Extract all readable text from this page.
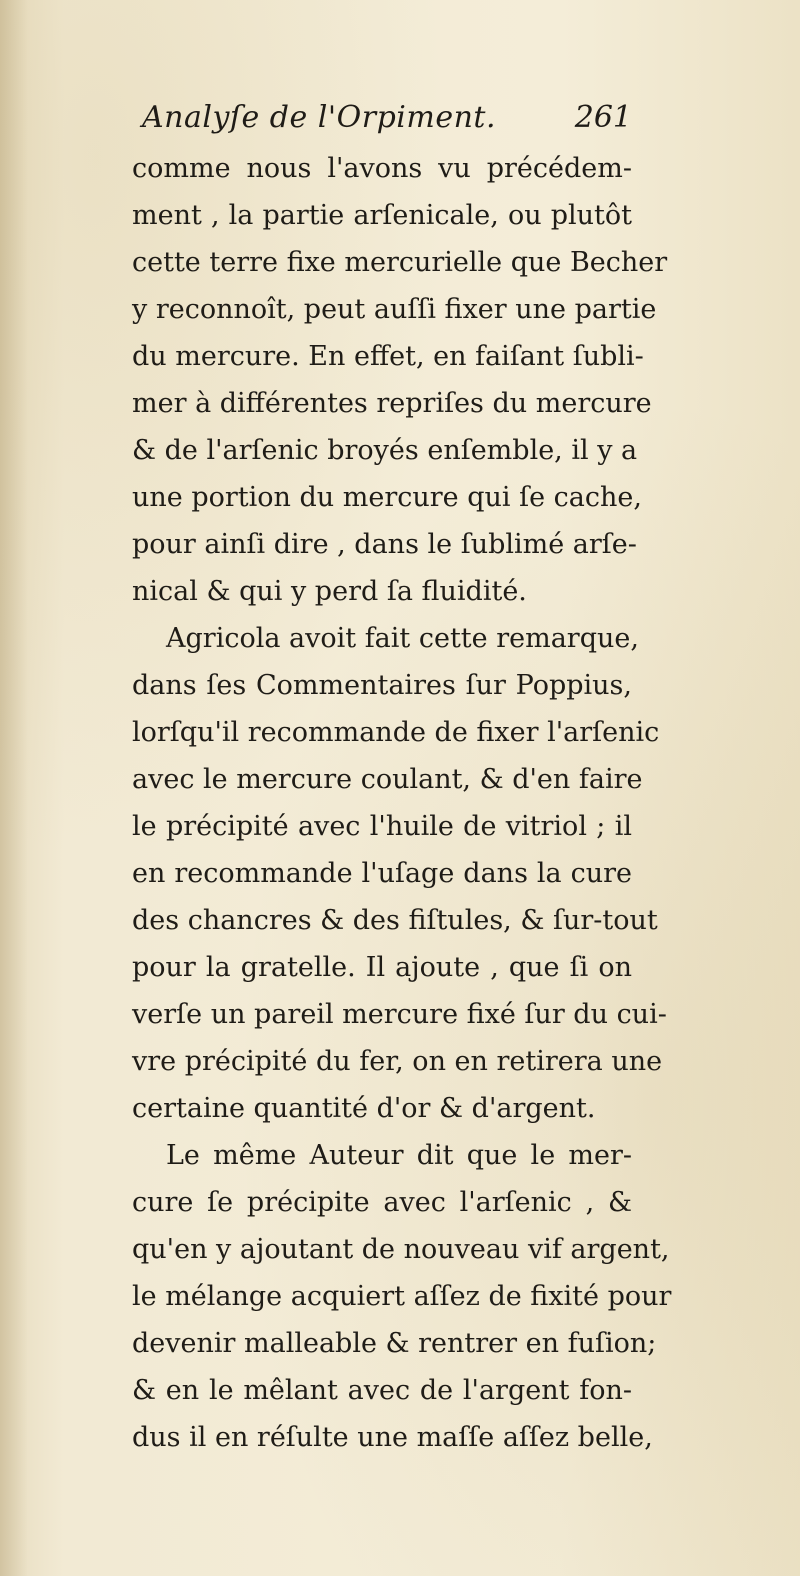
Analyſe de l'Orpiment.	261
comme nous l'avons vu précédem-
ment , la partie arſenicale, ou plutôt
cette terre fixe mercurielle que Becher
y reconnoît, peut auſſi fixer une partie
du mercure. En effet, en faiſant ſubli-
mer à différentes repriſes du mercure
& de l'arſenic broyés enſemble, il y a
une portion du mercure qui ſe cache,
pour ainſi dire , dans le ſublimé arſe-
nical & qui y perd ſa fluidité.
Agricola avoit fait cette remarque,
dans ſes Commentaires ſur Poppius,
lorſqu'il recommande de fixer l'arſenic
avec le mercure coulant, & d'en faire
le précipité avec l'huile de vitriol ; il
en recommande l'uſage dans la cure
des chancres & des fiſtules, & ſur-tout
pour la gratelle. Il ajoute , que ſi on
verſe un pareil mercure fixé ſur du cui-
vre précipité du fer, on en retirera une
certaine quantité d'or & d'argent.
Le même Auteur dit que le mer-
cure ſe précipite avec l'arſenic , &
qu'en y ajoutant de nouveau vif argent,
le mélange acquiert aſſez de fixité pour
devenir malleable & rentrer en fuſion;
& en le mêlant avec de l'argent fon-
dus il en réſulte une maſſe aſſez belle,
